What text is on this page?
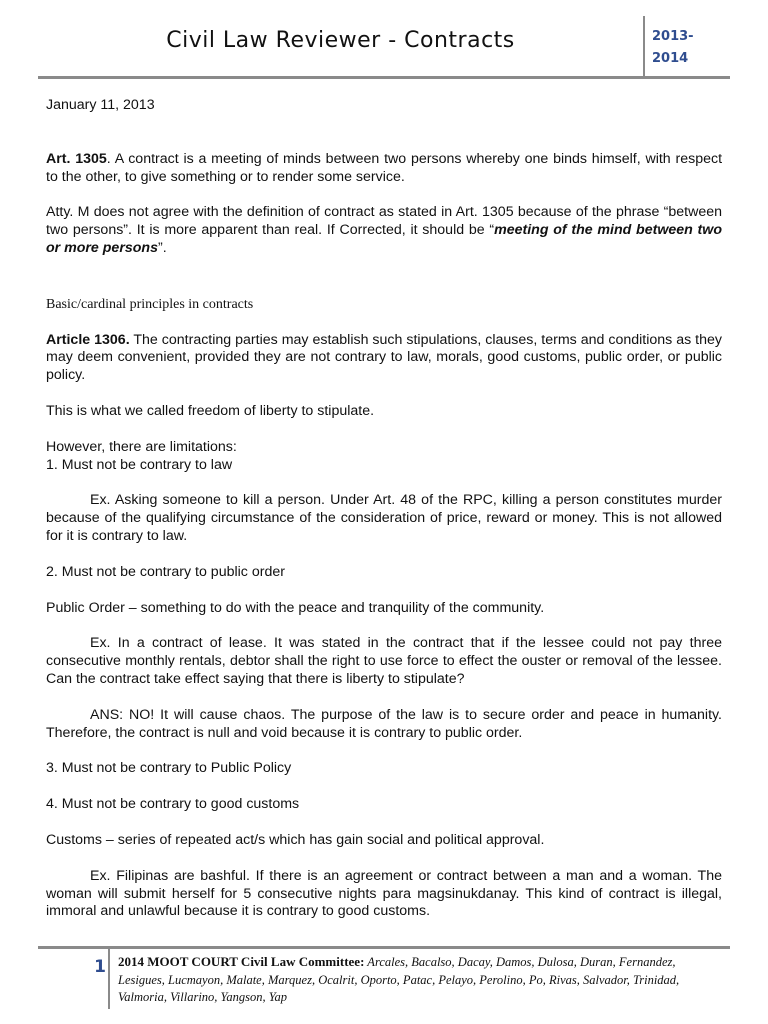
Civil Law Reviewer - Contracts	2013-
2014

January 11, 2013

Art. 1305. A contract is a meeting of minds between two persons whereby one binds himself, with respect to the other, to give something or to render some service.

Atty. M does not agree with the definition of contract as stated in Art. 1305 because of the phrase “between two persons”. It is more apparent than real. If Corrected, it should be “meeting of the mind between two or more persons”.

Basic/cardinal principles in contracts

Article 1306. The contracting parties may establish such stipulations, clauses, terms and conditions as they may deem convenient, provided they are not contrary to law, morals, good customs, public order, or public policy.

This is what we called freedom of liberty to stipulate.

However, there are limitations:

1. Must not be contrary to law

Ex. Asking someone to kill a person. Under Art. 48 of the RPC, killing a person constitutes murder because of the qualifying circumstance of the consideration of price, reward or money. This is not allowed for it is contrary to law.

2. Must not be contrary to public order

Public Order – something to do with the peace and tranquility of the community.

Ex. In a contract of lease. It was stated in the contract that if the lessee could not pay three consecutive monthly rentals, debtor shall the right to use force to effect the ouster or removal of the lessee. Can the contract take effect saying that there is liberty to stipulate?

ANS: NO! It will cause chaos. The purpose of the law is to secure order and peace in humanity. Therefore, the contract is null and void because it is contrary to public order.

3. Must not be contrary to Public Policy

4. Must not be contrary to good customs

Customs – series of repeated act/s which has gain social and political approval.

Ex. Filipinas are bashful. If there is an agreement or contract between a man and a woman. The woman will submit herself for 5 consecutive nights para magsinukdanay. This kind of contract is illegal, immoral and unlawful because it is contrary to good customs.

1 2014 MOOT COURT Civil Law Committee: Arcales, Bacalso, Dacay, Damos, Dulosa, Duran, Fernandez, Lesigues, Lucmayon, Malate, Marquez, Ocalrit, Oporto, Patac, Pelayo, Perolino, Po, Rivas, Salvador, Trinidad, Valmoria, Villarino, Yangson, Yap
